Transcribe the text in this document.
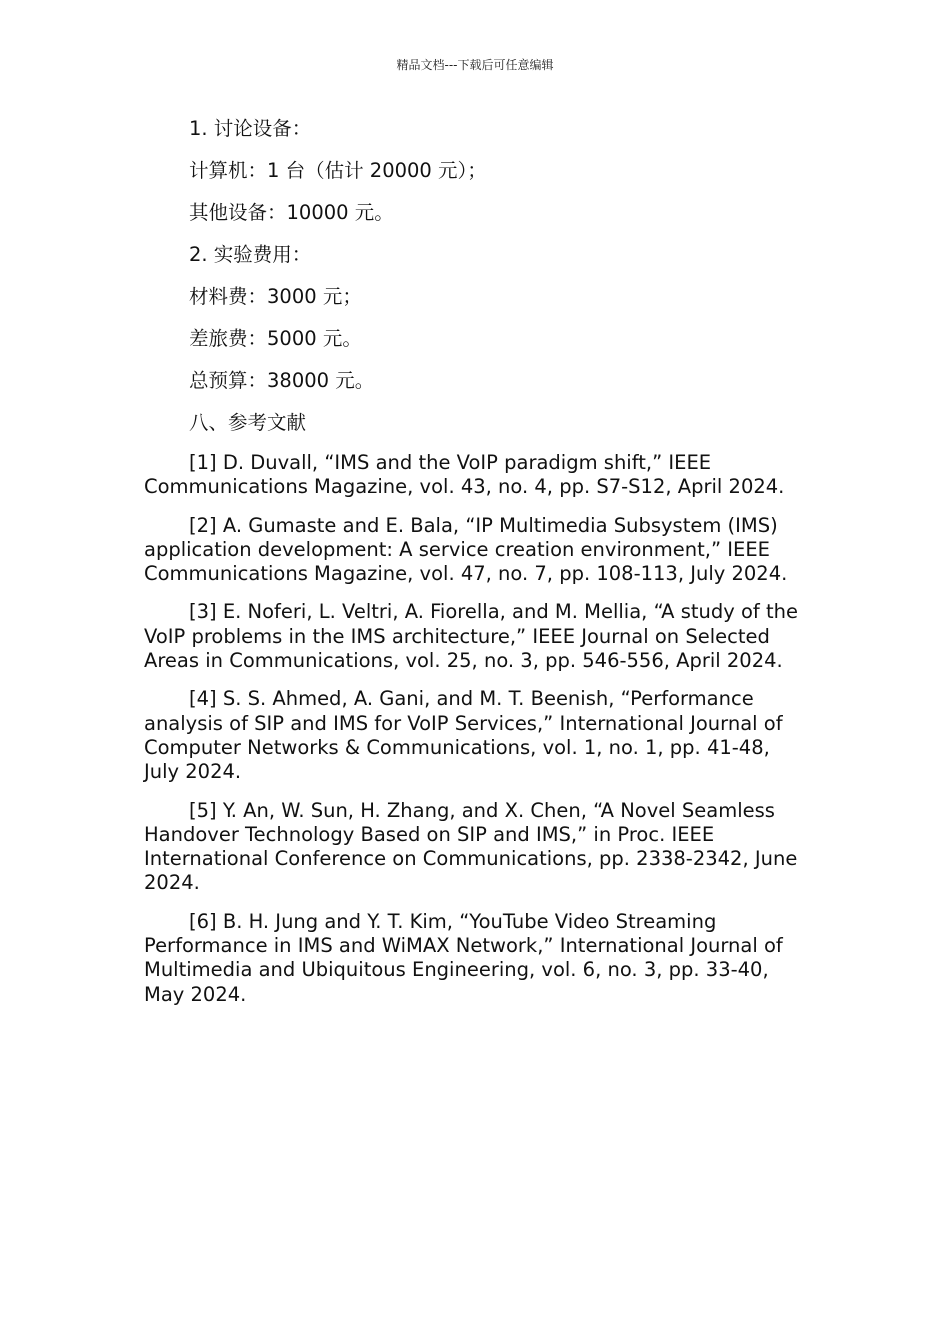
精品文档---下载后可任意编辑

1. 讨论设备：

计算机：1 台（估计 20000 元）；

其他设备：10000 元。

2. 实验费用：

材料费：3000 元；

差旅费：5000 元。

总预算：38000 元。

八、参考文献

[1] D. Duvall, “IMS and the VoIP paradigm shift,” IEEE Communications Magazine, vol. 43, no. 4, pp. S7-S12, April 2024.

[2] A. Gumaste and E. Bala, “IP Multimedia Subsystem (IMS) application development: A service creation environment,” IEEE Communications Magazine, vol. 47, no. 7, pp. 108-113, July 2024.

[3] E. Noferi, L. Veltri, A. Fiorella, and M. Mellia, “A study of the VoIP problems in the IMS architecture,” IEEE Journal on Selected Areas in Communications, vol. 25, no. 3, pp. 546-556, April 2024.

[4] S. S. Ahmed, A. Gani, and M. T. Beenish, “Performance analysis of SIP and IMS for VoIP Services,” International Journal of Computer Networks & Communications, vol. 1, no. 1, pp. 41-48, July 2024.

[5] Y. An, W. Sun, H. Zhang, and X. Chen, “A Novel Seamless Handover Technology Based on SIP and IMS,” in Proc. IEEE International Conference on Communications, pp. 2338-2342, June 2024.

[6] B. H. Jung and Y. T. Kim, “YouTube Video Streaming Performance in IMS and WiMAX Network,” International Journal of Multimedia and Ubiquitous Engineering, vol. 6, no. 3, pp. 33-40, May 2024.
